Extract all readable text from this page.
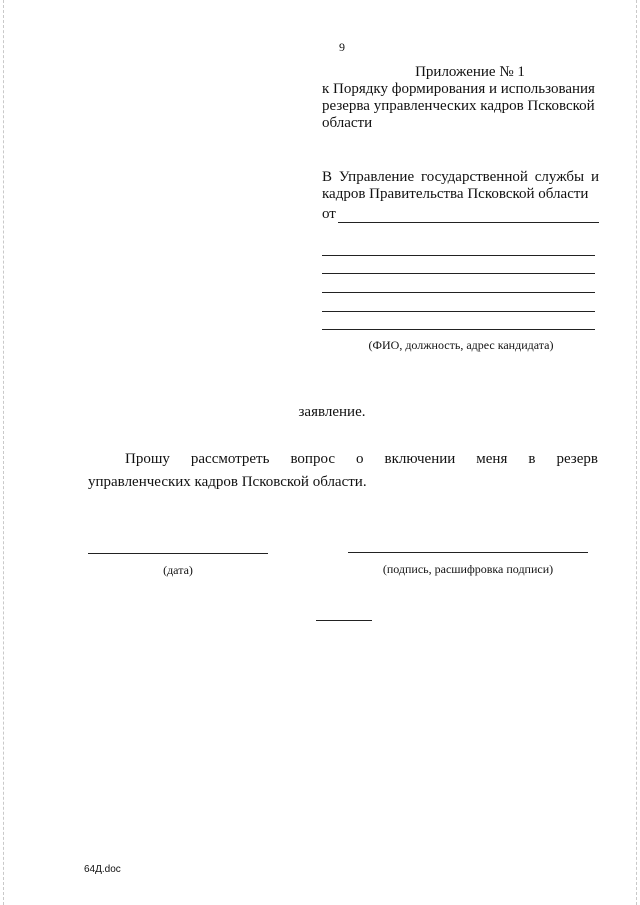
9
Приложение № 1
к Порядку формирования и использования резерва управленческих кадров Псковской области
В Управление государственной службы и кадров Правительства Псковской области
от
(ФИО, должность, адрес кандидата)
заявление.
Прошу рассмотреть вопрос о включении меня в резерв
управленческих кадров Псковской области.
(дата)	(подпись, расшифровка подписи)
64Д.doc
